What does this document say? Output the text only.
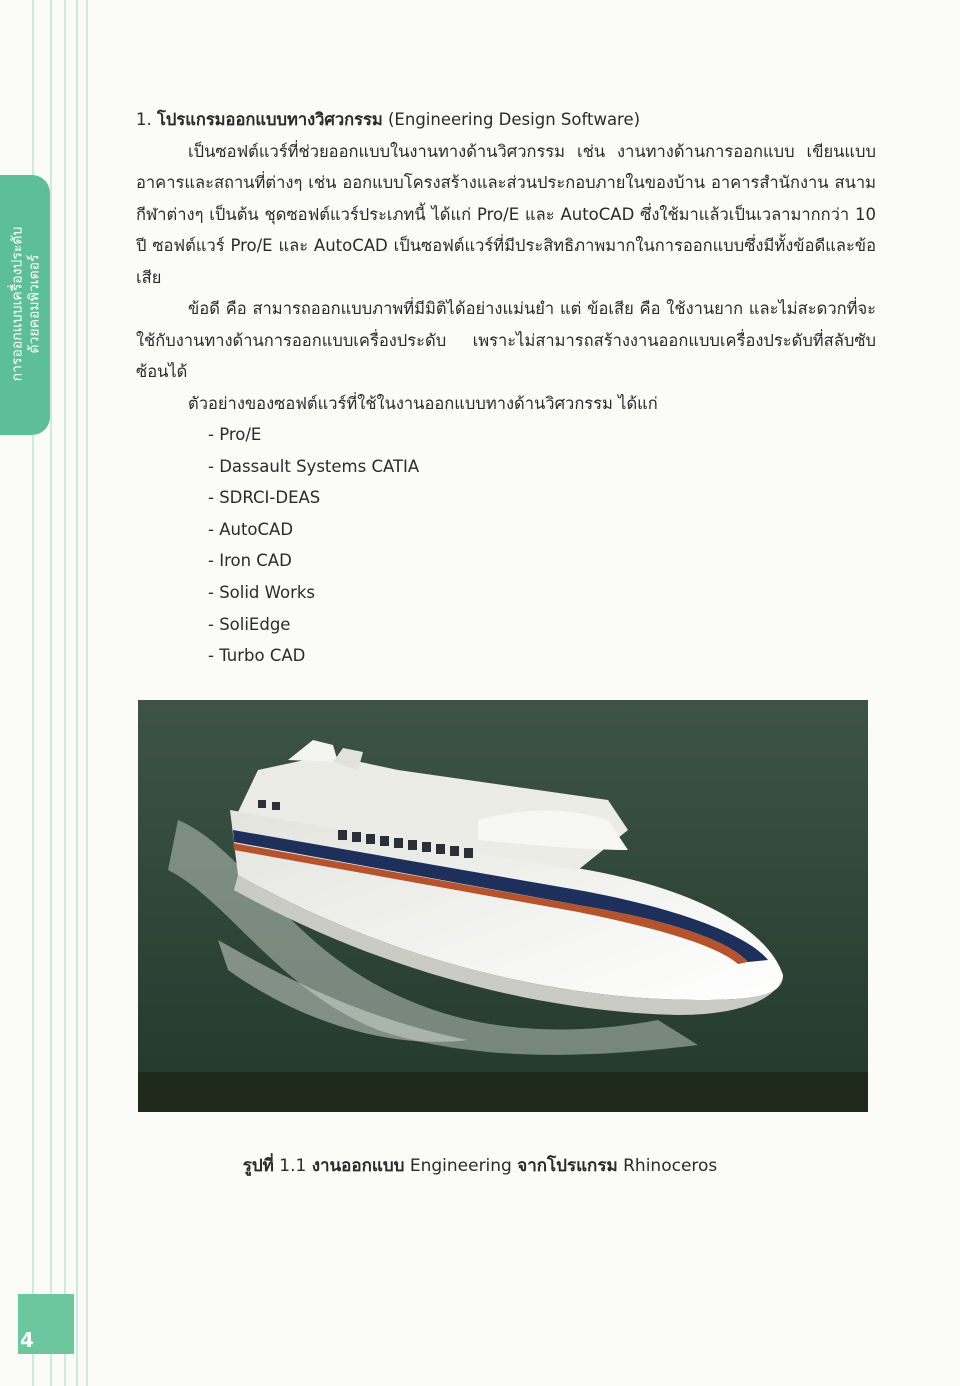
การออกแบบเครื่องประดับ ด้วยคอมพิวเตอร์
4
1. โปรแกรมออกแบบทางวิศวกรรม (Engineering Design Software)

เป็นซอฟต์แวร์ที่ช่วยออกแบบในงานทางด้านวิศวกรรม เช่น งานทางด้านการออกแบบ เขียนแบบอาคารและสถานที่ต่างๆ เช่น ออกแบบโครงสร้างและส่วนประกอบภายในของบ้าน อาคารสำนักงาน สนามกีฬาต่างๆ เป็นต้น ชุดซอฟต์แวร์ประเภทนี้ ได้แก่ Pro/E และ AutoCAD ซึ่งใช้มาแล้วเป็นเวลามากกว่า 10 ปี ซอฟต์แวร์ Pro/E และ AutoCAD เป็นซอฟต์แวร์ที่มีประสิทธิภาพมากในการออกแบบซึ่งมีทั้งข้อดีและข้อเสีย

ข้อดี คือ สามารถออกแบบภาพที่มีมิติได้อย่างแม่นยำ แต่ ข้อเสีย คือ ใช้งานยาก และไม่สะดวกที่จะใช้กับงานทางด้านการออกแบบเครื่องประดับ เพราะไม่สามารถสร้างงานออกแบบเครื่องประดับที่สลับซับซ้อนได้

ตัวอย่างของซอฟต์แวร์ที่ใช้ในงานออกแบบทางด้านวิศวกรรม ได้แก่

- Pro/E
- Dassault Systems CATIA
- SDRCI-DEAS
- AutoCAD
- Iron CAD
- Solid Works
- SoliEdge
- Turbo CAD
รูปที่ 1.1 งานออกแบบ Engineering จากโปรแกรม Rhinoceros
